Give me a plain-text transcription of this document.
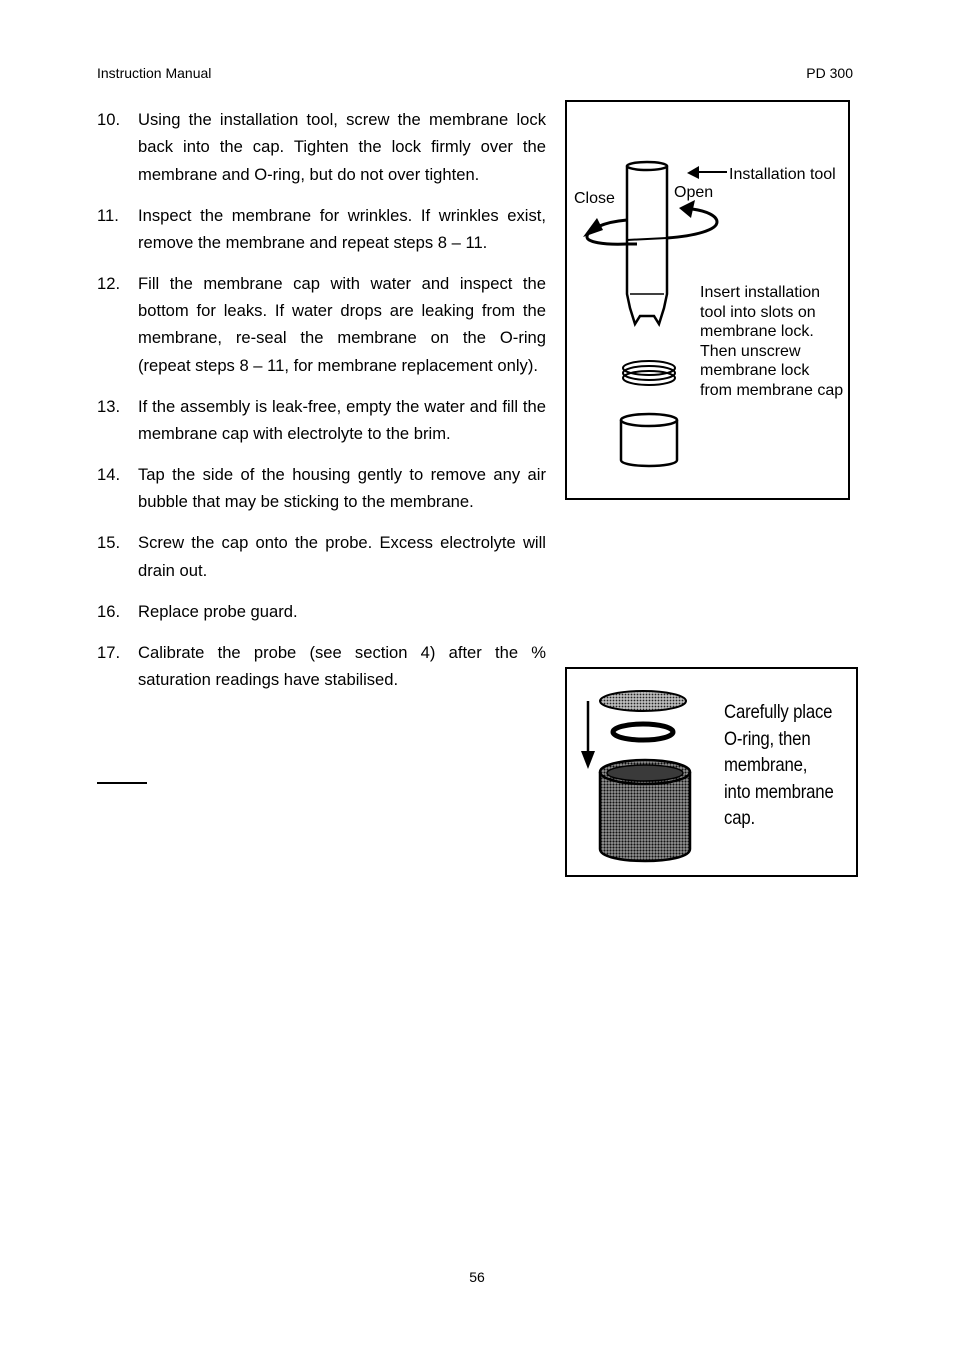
Instruction Manual	PD 300
10.	Using the installation tool, screw the membrane lock back into the cap. Tighten the lock firmly over the membrane and O-ring, but do not over tighten.
11.	Inspect the membrane for wrinkles. If wrinkles exist, remove the membrane and repeat steps 8 – 11.
12.	Fill the membrane cap with water and inspect the bottom for leaks. If water drops are leaking from the membrane, re-seal the membrane on the O-ring (repeat steps 8 – 11, for membrane replacement only).
13.	If the assembly is leak-free, empty the water and fill the membrane cap with electrolyte to the brim.
14.	Tap the side of the housing gently to remove any air bubble that may be sticking to the membrane.
15.	Screw the cap onto the probe. Excess electrolyte will drain out.
16.	Replace probe guard.
17.	Calibrate the probe (see section 4) after the % saturation readings have stabilised.
Installation tool
Close	Open
Insert installation tool into slots on membrane lock. Then unscrew membrane lock from membrane cap
Carefully place O-ring, then membrane, into membrane cap.
56
